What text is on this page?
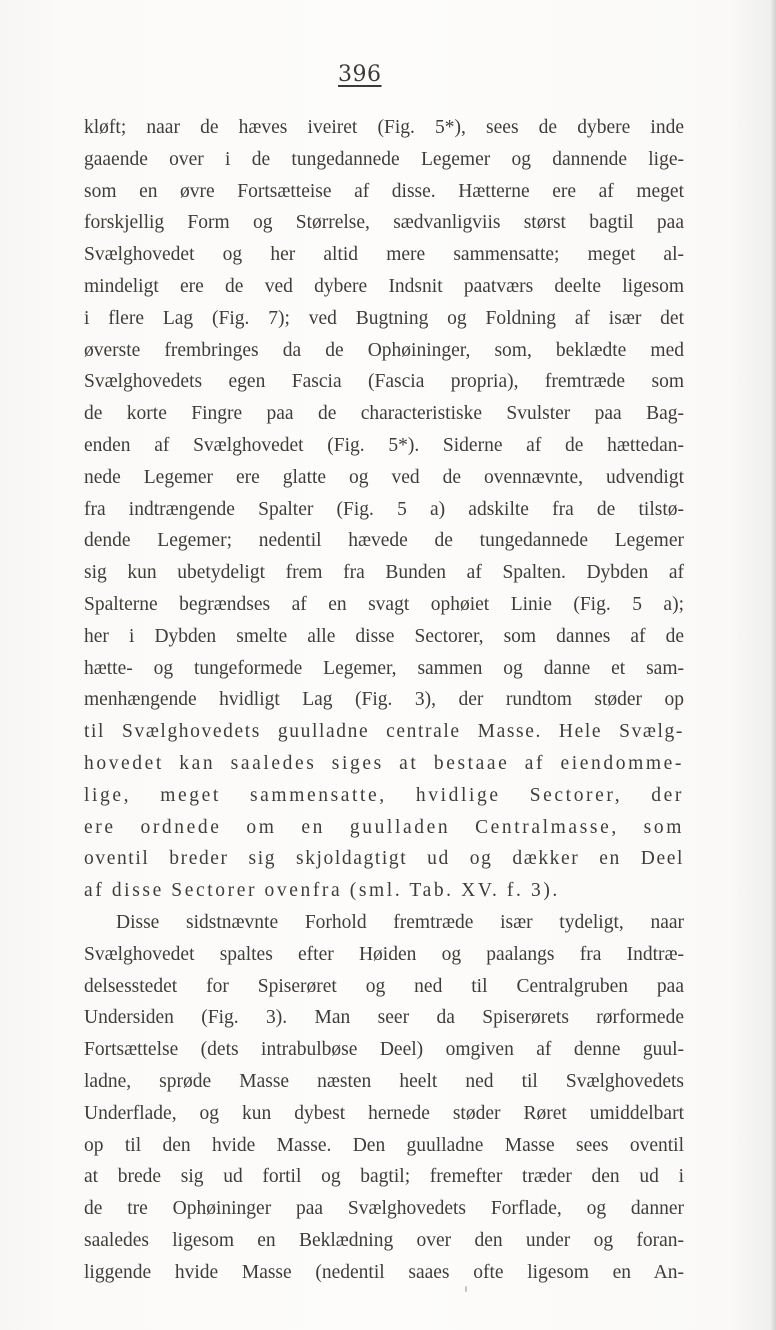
396
kløft; naar de hæves iveiret (Fig. 5*), sees de dybere inde
gaaende over i de tungedannede Legemer og dannende lige-
som en øvre Fortsætteise af disse. Hætterne ere af meget
forskjellig Form og Størrelse, sædvanligviis størst bagtil paa
Svælghovedet og her altid mere sammensatte; meget al-
mindeligt ere de ved dybere Indsnit paatværs deelte ligesom
i flere Lag (Fig. 7); ved Bugtning og Foldning af især det
øverste frembringes da de Ophøininger, som, beklædte med
Svælghovedets egen Fascia (Fascia propria), fremtræde som
de korte Fingre paa de characteristiske Svulster paa Bag-
enden af Svælghovedet (Fig. 5*). Siderne af de hættedan-
nede Legemer ere glatte og ved de ovennævnte, udvendigt
fra indtrængende Spalter (Fig. 5 a) adskilte fra de tilstø-
dende Legemer; nedentil hævede de tungedannede Legemer
sig kun ubetydeligt frem fra Bunden af Spalten. Dybden af
Spalterne begrændses af en svagt ophøiet Linie (Fig. 5 a);
her i Dybden smelte alle disse Sectorer, som dannes af de
hætte- og tungeformede Legemer, sammen og danne et sam-
menhængende hvidligt Lag (Fig. 3), der rundtom støder op
til Svælghovedets guulladne centrale Masse. Hele Svælg-
hovedet kan saaledes siges at bestaae af eiendomme-
lige, meget sammensatte, hvidlige Sectorer, der
ere ordnede om en guulladen Centralmasse, som
oventil breder sig skjoldagtigt ud og dækker en Deel
af disse Sectorer ovenfra (sml. Tab. XV. f. 3).
Disse sidstnævnte Forhold fremtræde især tydeligt, naar
Svælghovedet spaltes efter Høiden og paalangs fra Indtræ-
delsesstedet for Spiserøret og ned til Centralgruben paa
Undersiden (Fig. 3). Man seer da Spiserørets rørformede
Fortsættelse (dets intrabulbøse Deel) omgiven af denne guul-
ladne, sprøde Masse næsten heelt ned til Svælghovedets
Underflade, og kun dybest hernede støder Røret umiddelbart
op til den hvide Masse. Den guulladne Masse sees oventil
at brede sig ud fortil og bagtil; fremefter træder den ud i
de tre Ophøininger paa Svælghovedets Forflade, og danner
saaledes ligesom en Beklædning over den under og foran-
liggende hvide Masse (nedentil saaes ofte ligesom en An-
